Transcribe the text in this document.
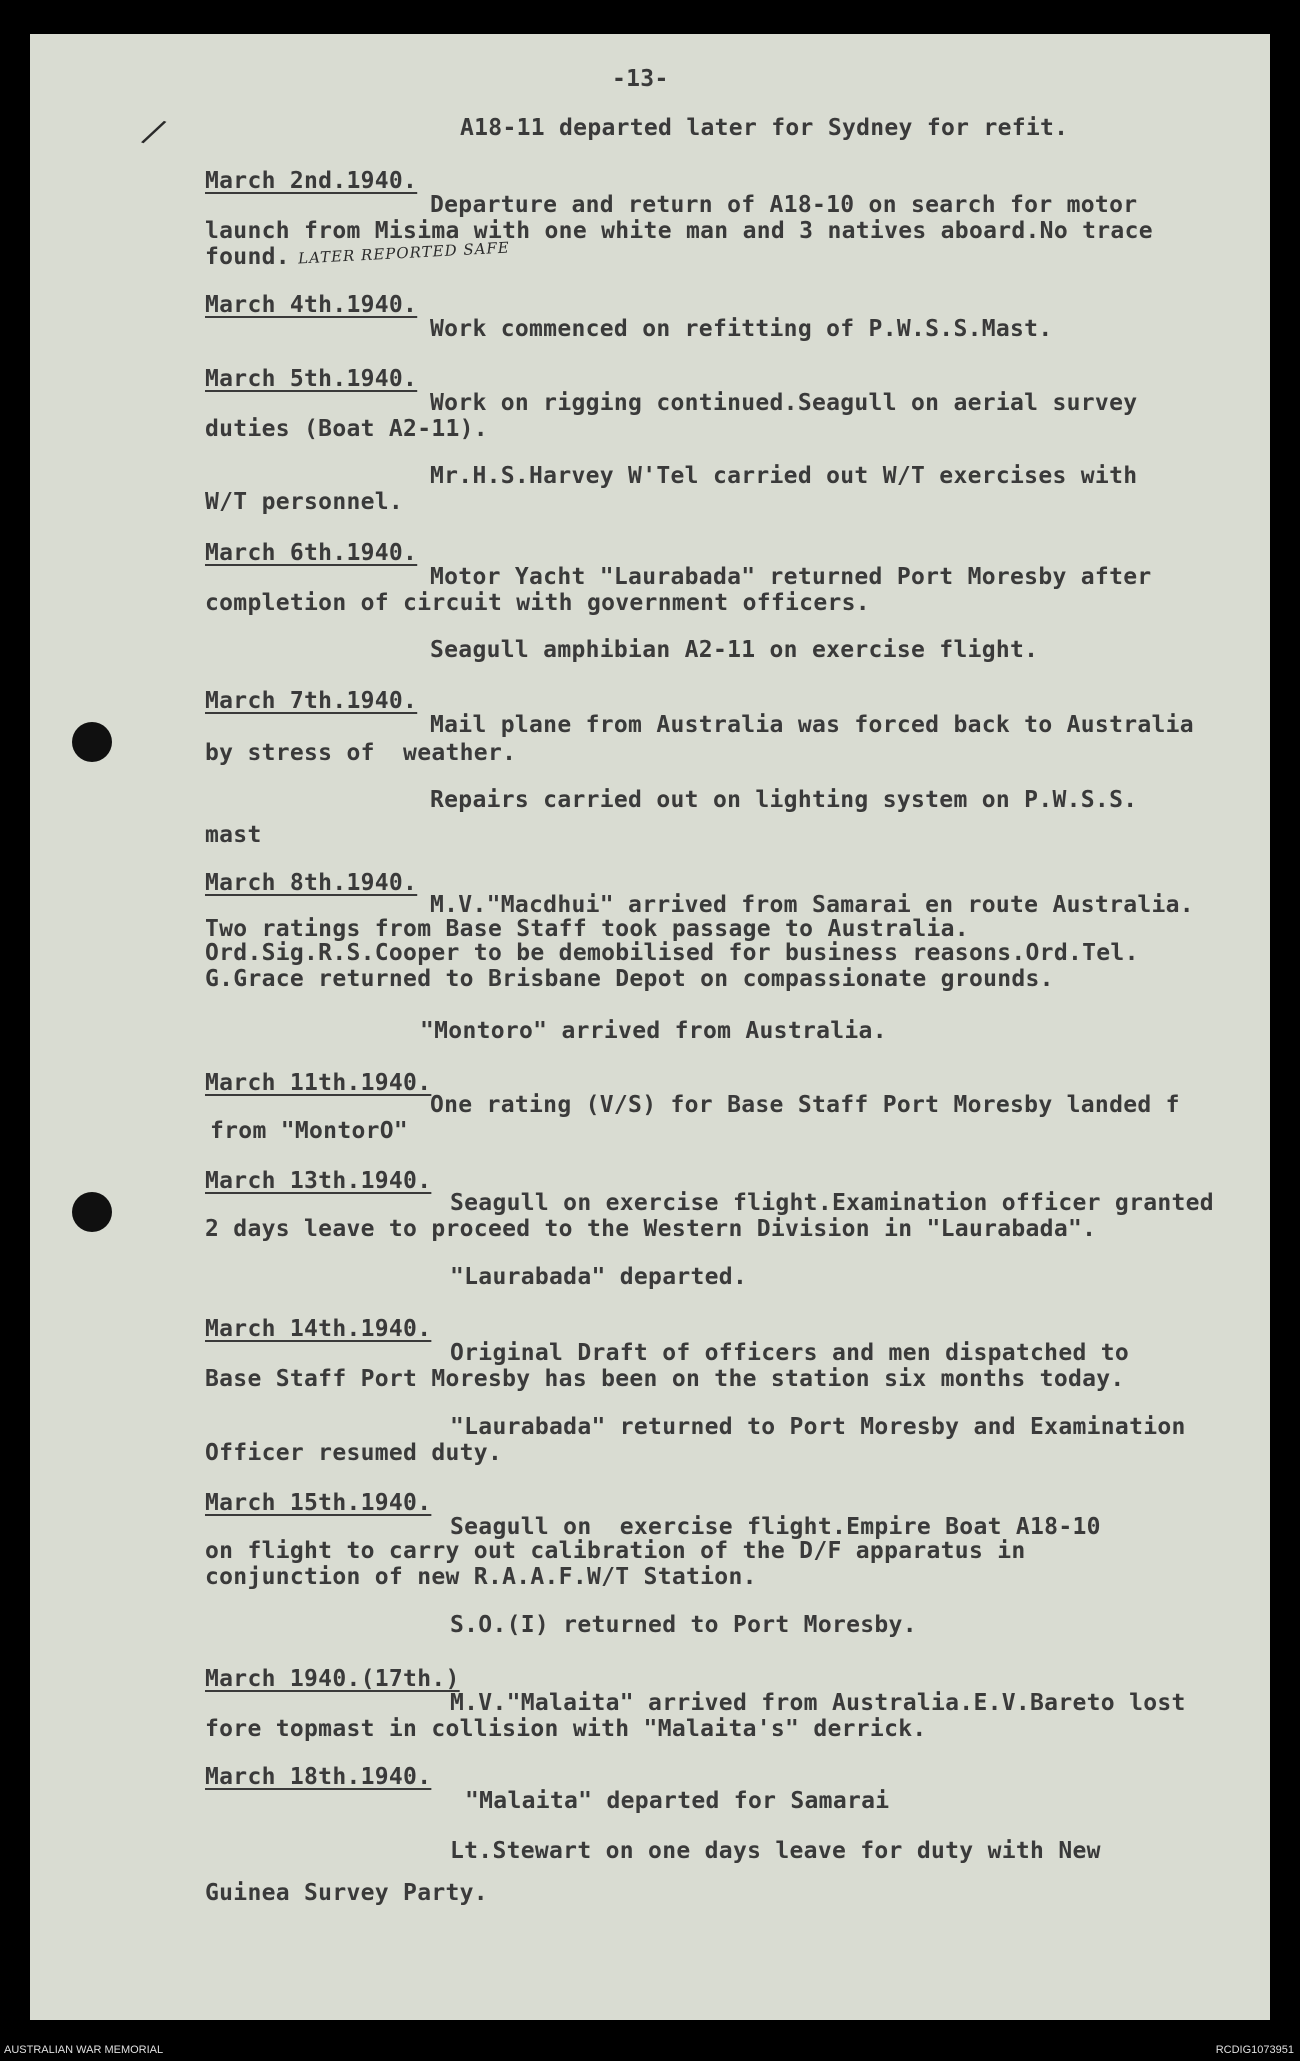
-13-
/	A18-11 departed later for Sydney for refit.
March 2nd.1940.
Departure and return of A18-10 on search for motor
launch from Misima with one white man and 3 natives aboard.No trace
found.
March 4th.1940.
Work commenced on refitting of P.W.S.S.Mast.
March 5th.1940.
Work on rigging continued.Seagull on aerial survey
duties (Boat A2-11).
Mr.H.S.Harvey W'Tel carried out W/T exercises with
W/T personnel.
March 6th.1940.
Motor Yacht "Laurabada" returned Port Moresby after
completion of circuit with government officers.
Seagull amphibian A2-11 on exercise flight.
March 7th.1940.
Mail plane from Australia was forced back to Australia
by stress of  weather.
Repairs carried out on lighting system on P.W.S.S.
mast
March 8th.1940.
M.V."Macdhui" arrived from Samarai en route Australia.
Two ratings from Base Staff took passage to Australia.
Ord.Sig.R.S.Cooper to be demobilised for business reasons.Ord.Tel.
G.Grace returned to Brisbane Depot on compassionate grounds.
"Montoro" arrived from Australia.
March 11th.1940.
One rating (V/S) for Base Staff Port Moresby landed f
from "MontorO"
March 13th.1940.
Seagull on exercise flight.Examination officer granted
2 days leave to proceed to the Western Division in "Laurabada".
"Laurabada" departed.
March 14th.1940.
Original Draft of officers and men dispatched to
Base Staff Port Moresby has been on the station six months today.
"Laurabada" returned to Port Moresby and Examination
Officer resumed duty.
March 15th.1940.
Seagull on  exercise flight.Empire Boat A18-10
on flight to carry out calibration of the D/F apparatus in
conjunction of new R.A.A.F.W/T Station.
S.O.(I) returned to Port Moresby.
March 1940.(17th.)
M.V."Malaita" arrived from Australia.E.V.Bareto lost
fore topmast in collision with "Malaita's" derrick.
March 18th.1940.
"Malaita" departed for Samarai
Lt.Stewart on one days leave for duty with New
Guinea Survey Party.
LATER REPORTED SAFE
AUSTRALIAN WAR MEMORIAL	RCDIG1073951
